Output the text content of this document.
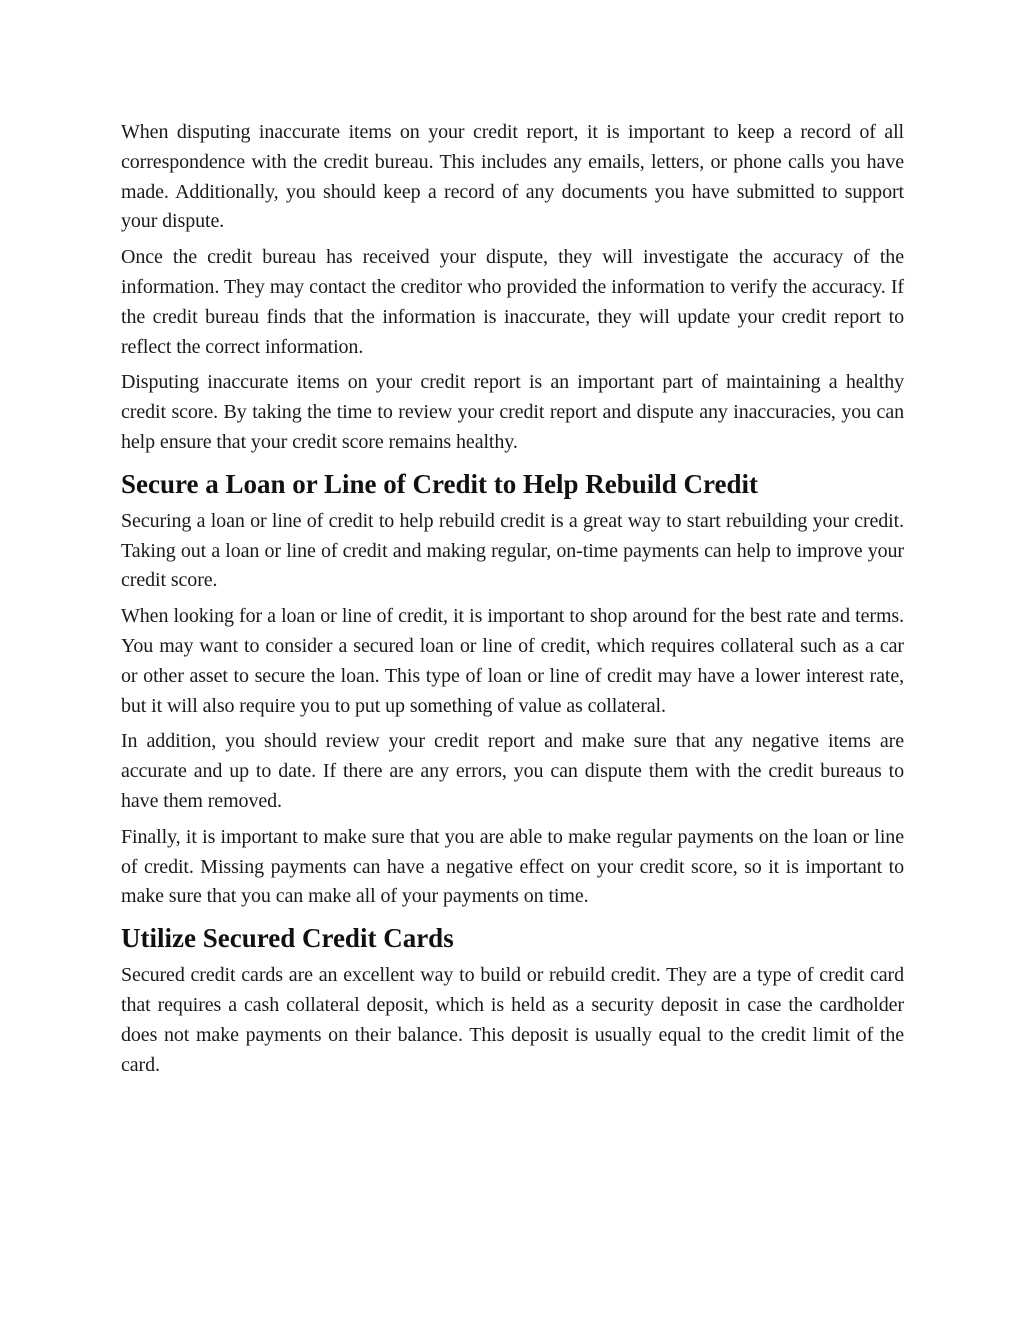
When disputing inaccurate items on your credit report, it is important to keep a record of all correspondence with the credit bureau. This includes any emails, letters, or phone calls you have made. Additionally, you should keep a record of any documents you have submitted to support your dispute.

Once the credit bureau has received your dispute, they will investigate the accuracy of the information. They may contact the creditor who provided the information to verify the accuracy. If the credit bureau finds that the information is inaccurate, they will update your credit report to reflect the correct information.

Disputing inaccurate items on your credit report is an important part of maintaining a healthy credit score. By taking the time to review your credit report and dispute any inaccuracies, you can help ensure that your credit score remains healthy.

Secure a Loan or Line of Credit to Help Rebuild Credit

Securing a loan or line of credit to help rebuild credit is a great way to start rebuilding your credit. Taking out a loan or line of credit and making regular, on-time payments can help to improve your credit score.

When looking for a loan or line of credit, it is important to shop around for the best rate and terms. You may want to consider a secured loan or line of credit, which requires collateral such as a car or other asset to secure the loan. This type of loan or line of credit may have a lower interest rate, but it will also require you to put up something of value as collateral.

In addition, you should review your credit report and make sure that any negative items are accurate and up to date. If there are any errors, you can dispute them with the credit bureaus to have them removed.

Finally, it is important to make sure that you are able to make regular payments on the loan or line of credit. Missing payments can have a negative effect on your credit score, so it is important to make sure that you can make all of your payments on time.

Utilize Secured Credit Cards

Secured credit cards are an excellent way to build or rebuild credit. They are a type of credit card that requires a cash collateral deposit, which is held as a security deposit in case the cardholder does not make payments on their balance. This deposit is usually equal to the credit limit of the card.
